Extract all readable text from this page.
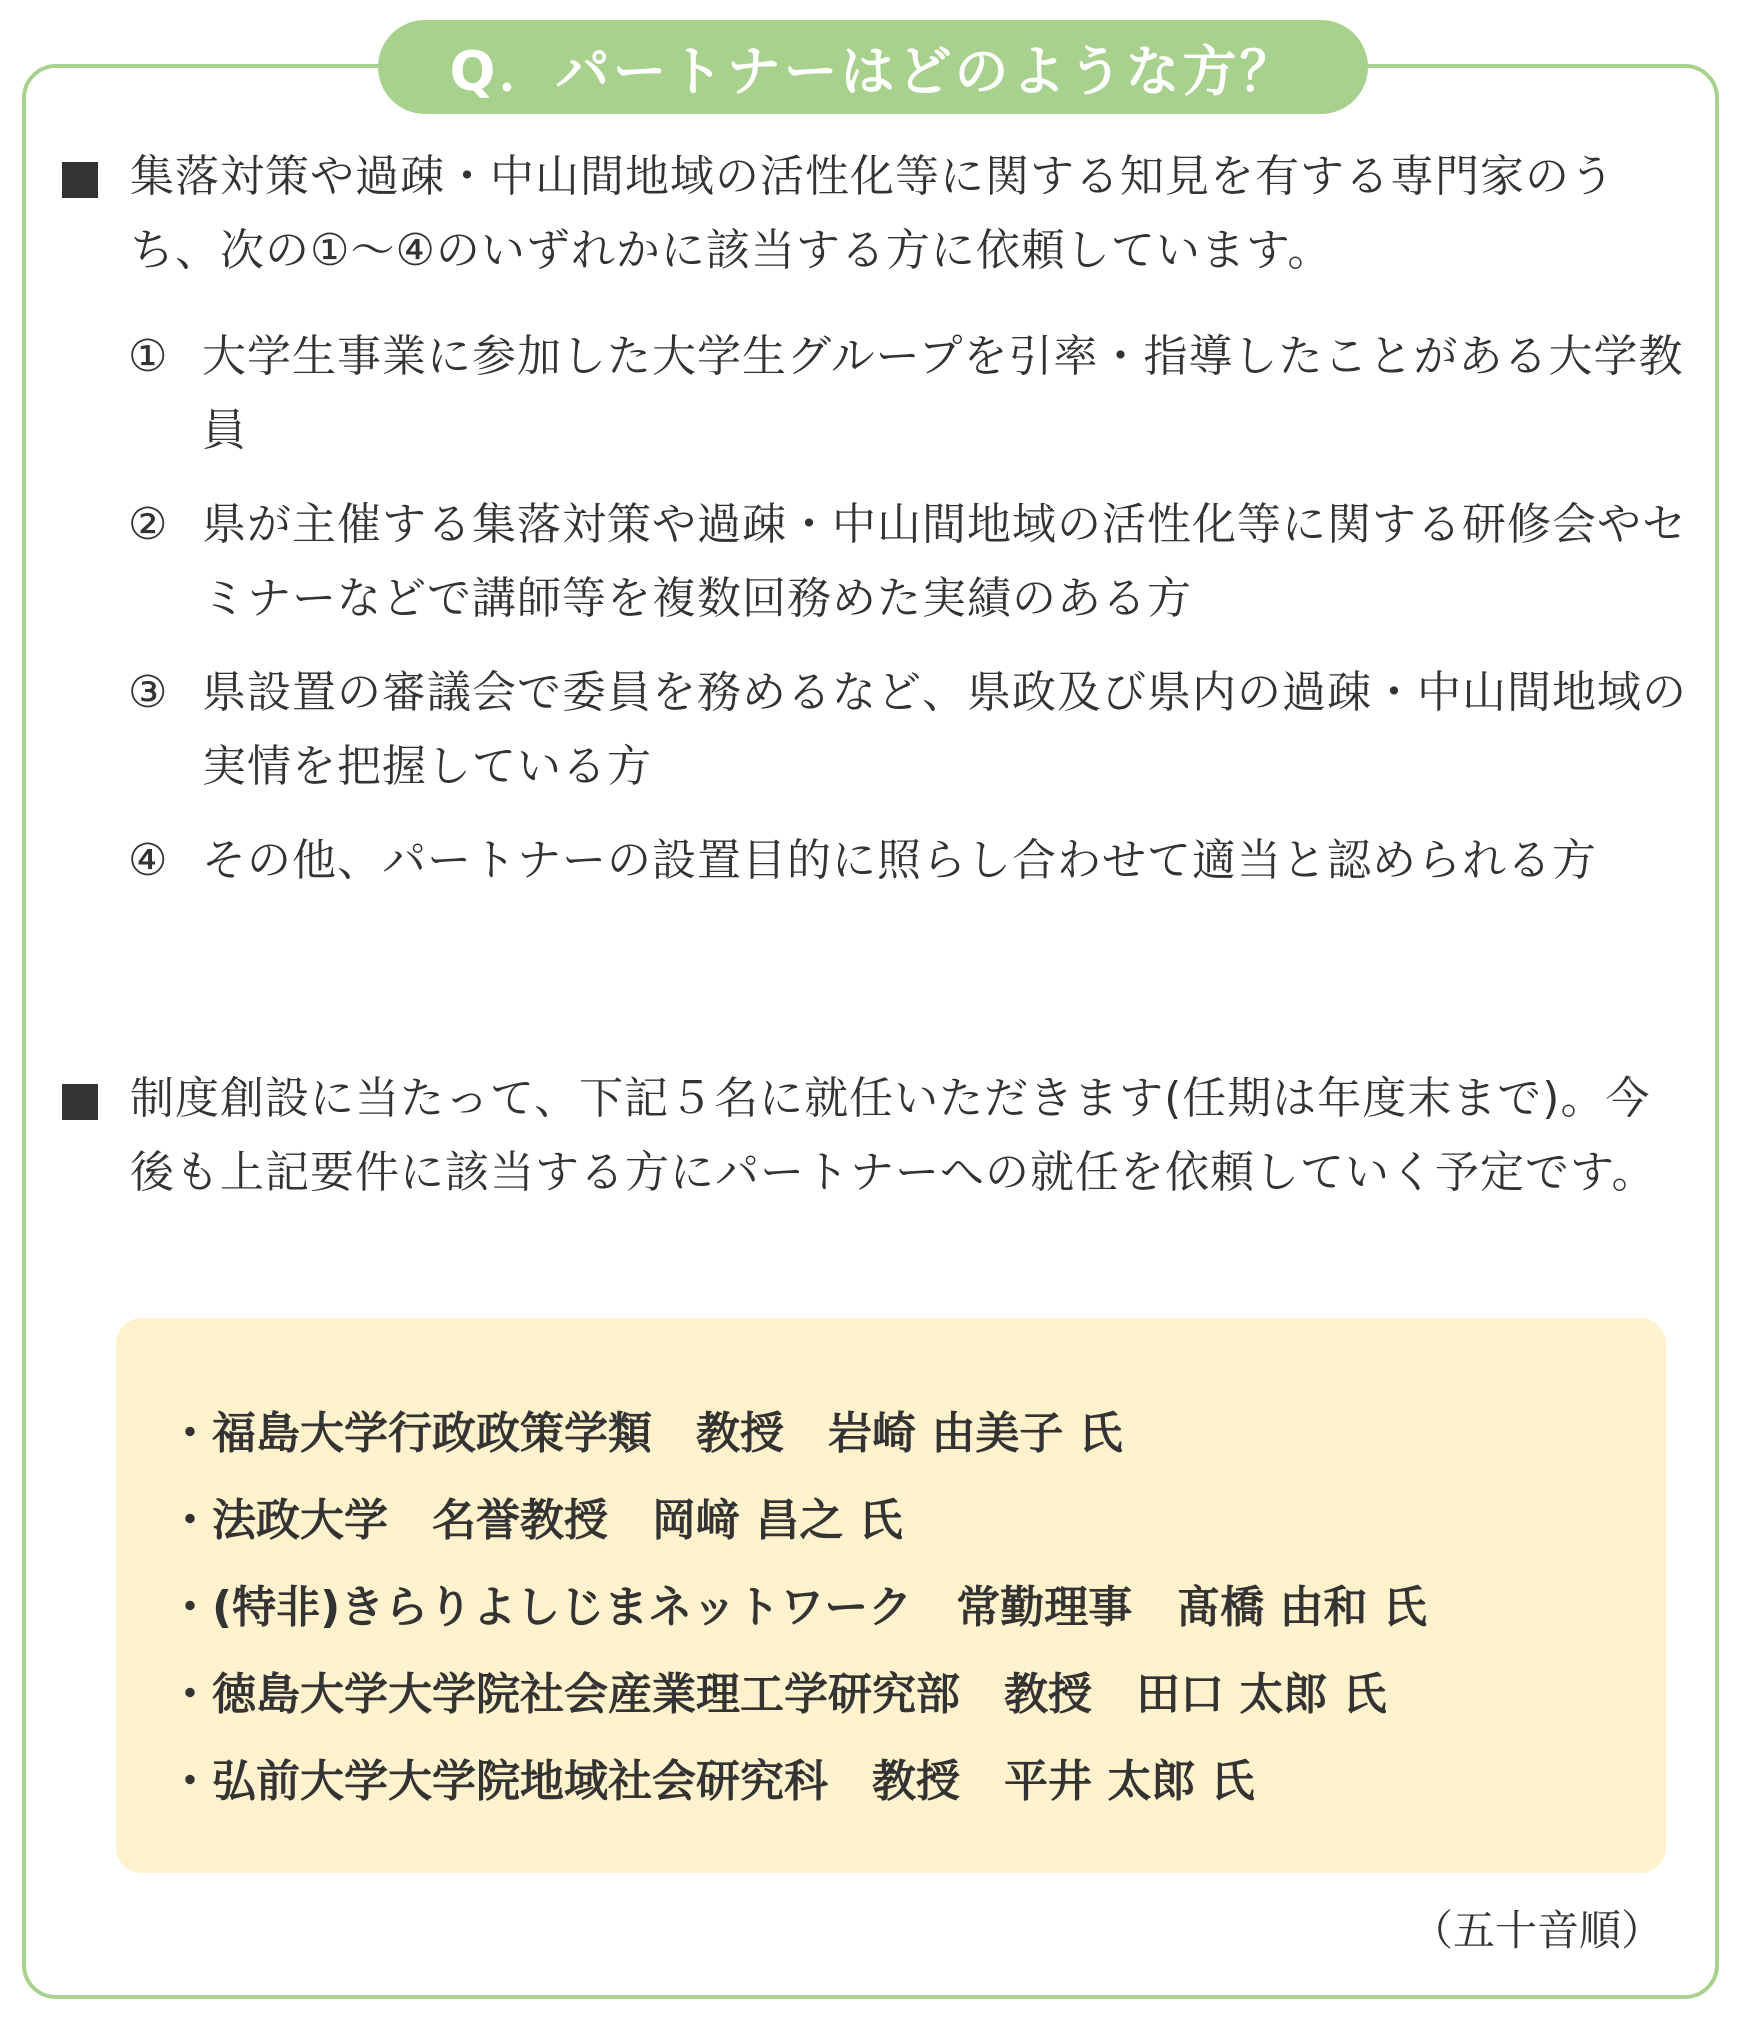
Q．パートナーはどのような方？
集落対策や過疎・中山間地域の活性化等に関する知見を有する専門家のうち、次の①～④のいずれかに該当する方に依頼しています。
① 大学生事業に参加した大学生グループを引率・指導したことがある大学教員
② 県が主催する集落対策や過疎・中山間地域の活性化等に関する研修会やセミナーなどで講師等を複数回務めた実績のある方
③ 県設置の審議会で委員を務めるなど、県政及び県内の過疎・中山間地域の実情を把握している方
④ その他、パートナーの設置目的に照らし合わせて適当と認められる方
制度創設に当たって、下記５名に就任いただきます(任期は年度末まで)。今後も上記要件に該当する方にパートナーへの就任を依頼していく予定です。
・福島大学行政政策学類　教授　岩崎 由美子 氏
・法政大学　名誉教授　岡﨑 昌之 氏
・(特非)きらりよしじまネットワーク　常勤理事　髙橋 由和 氏
・徳島大学大学院社会産業理工学研究部　教授　田口 太郎 氏
・弘前大学大学院地域社会研究科　教授　平井 太郎 氏
（五十音順）
